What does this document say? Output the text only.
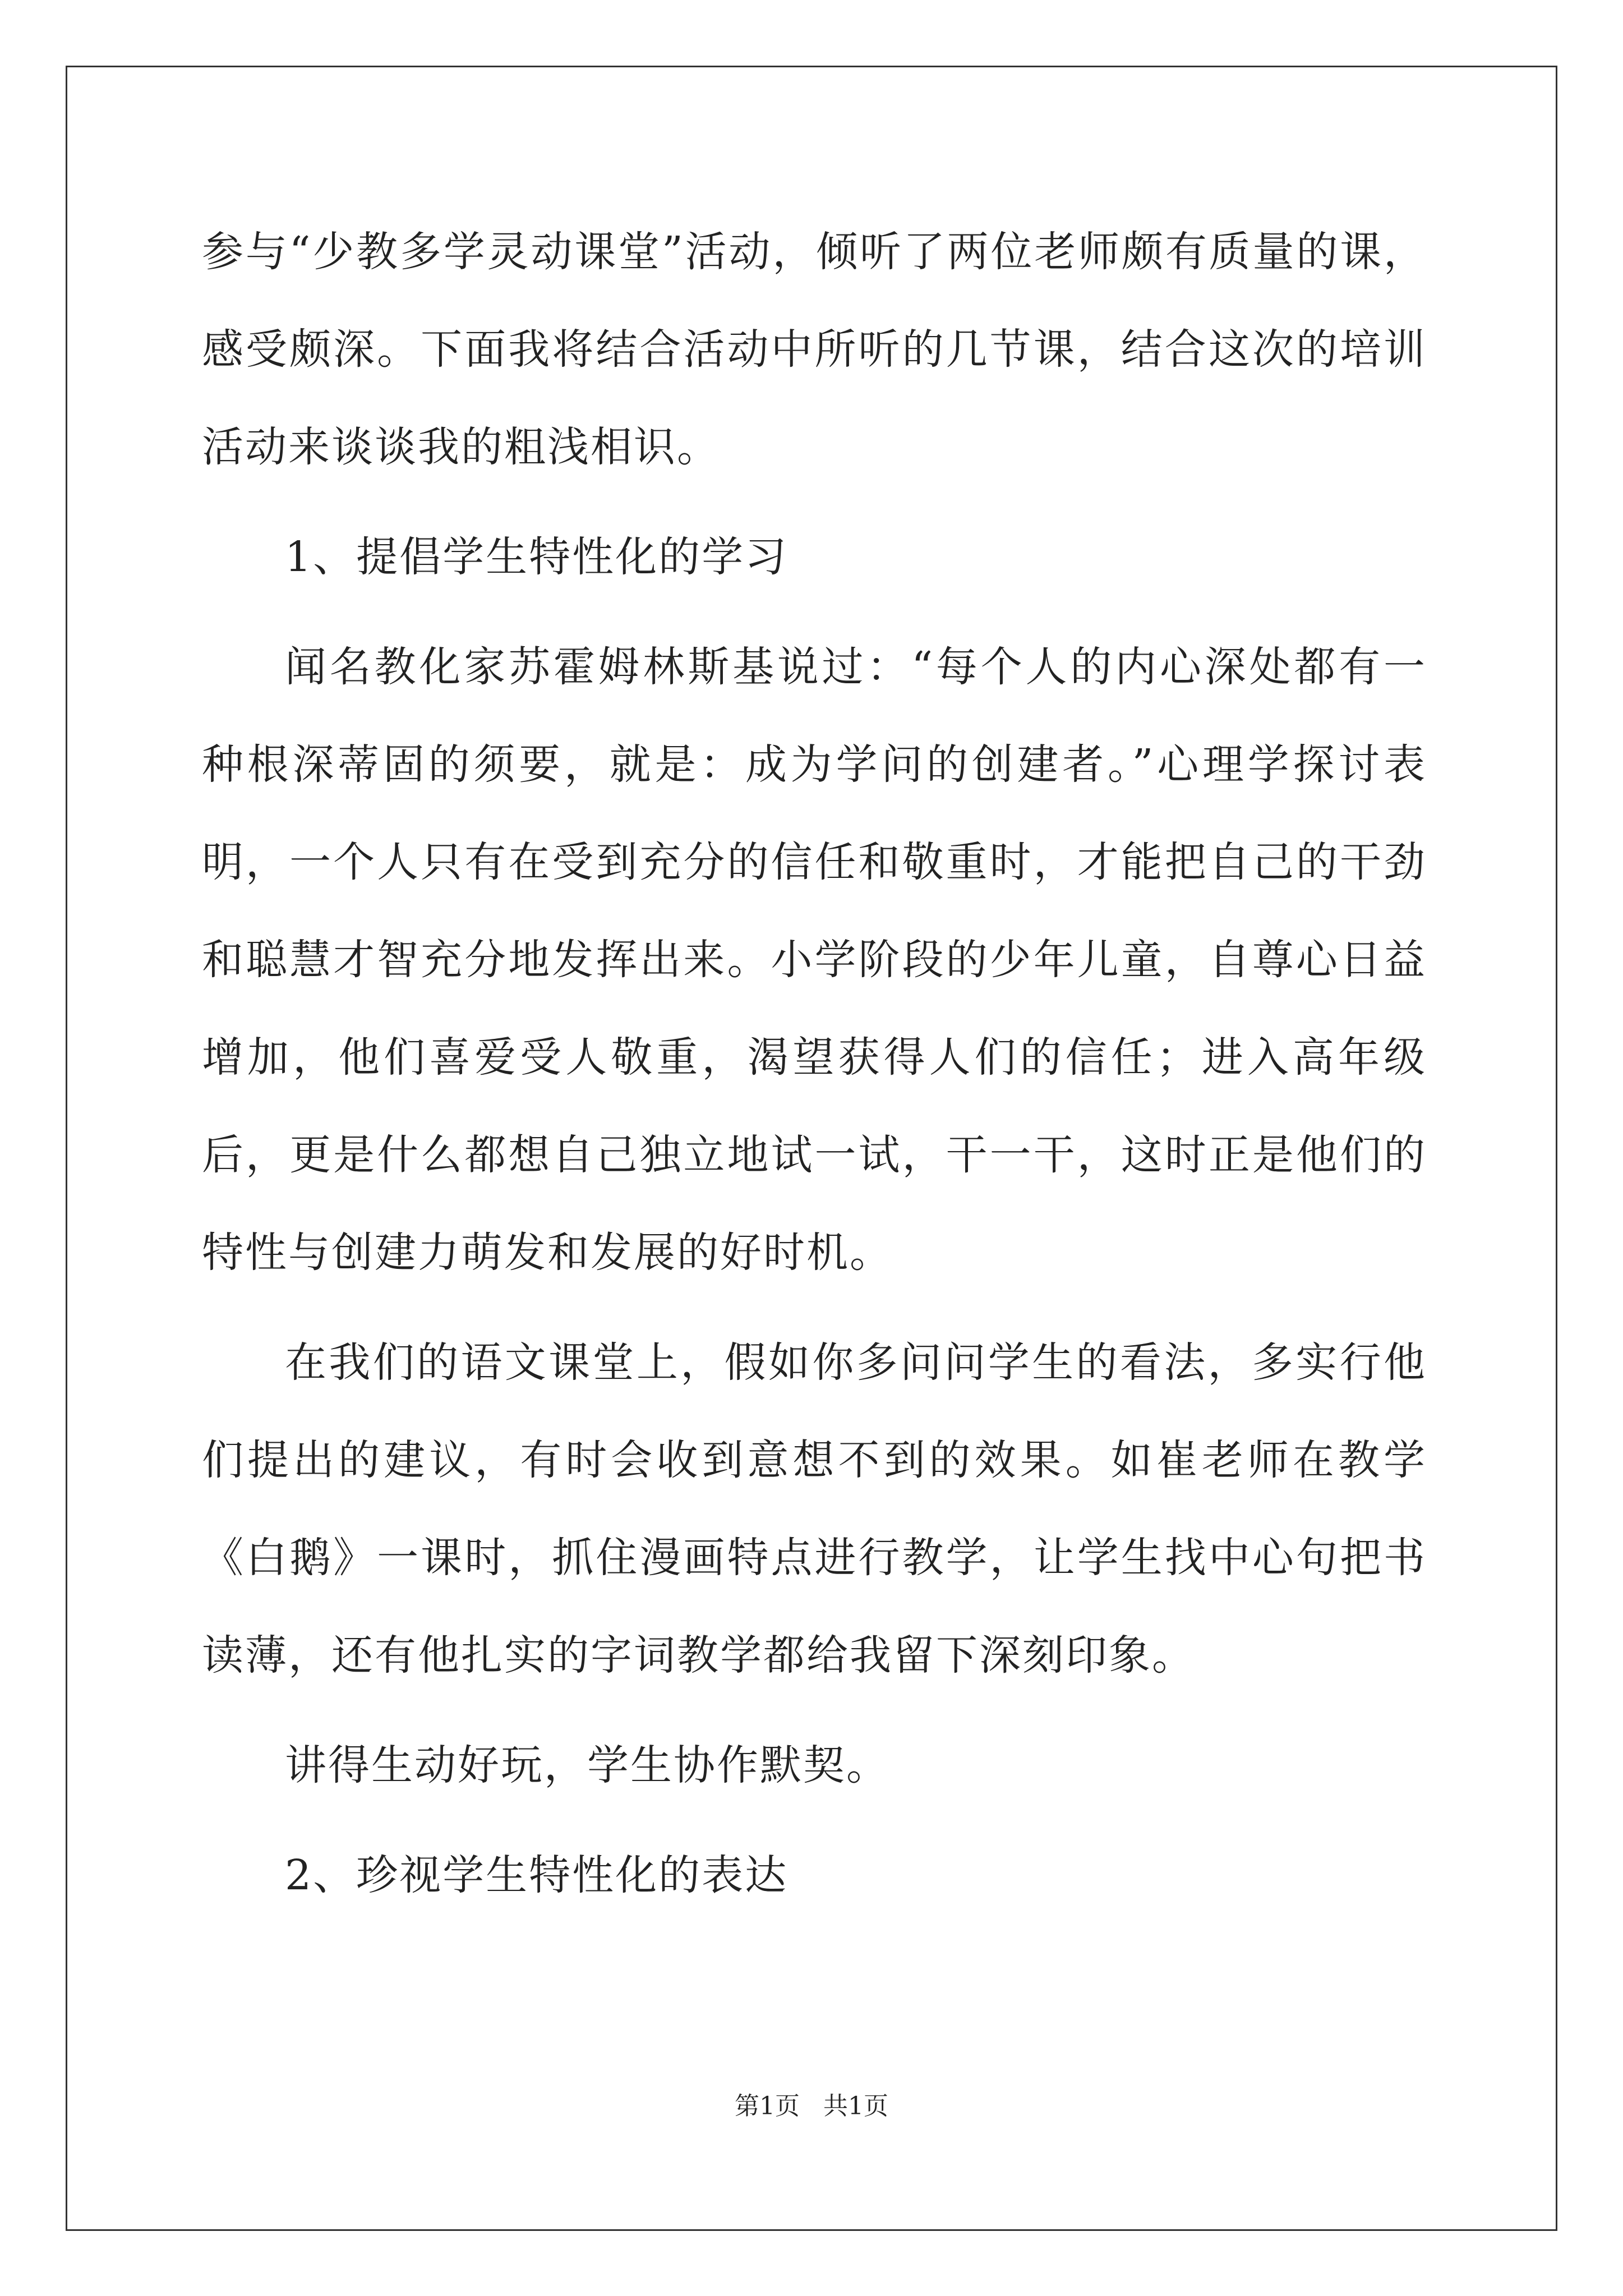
参与“少教多学灵动课堂”活动，倾听了两位老师颇有质量的课，感受颇深。下面我将结合活动中所听的几节课，结合这次的培训活动来谈谈我的粗浅相识。

1、提倡学生特性化的学习

闻名教化家苏霍姆林斯基说过：“每个人的内心深处都有一种根深蒂固的须要，就是：成为学问的创建者。”心理学探讨表明，一个人只有在受到充分的信任和敬重时，才能把自己的干劲和聪慧才智充分地发挥出来。小学阶段的少年儿童，自尊心日益增加，他们喜爱受人敬重，渴望获得人们的信任；进入高年级后，更是什么都想自己独立地试一试，干一干，这时正是他们的特性与创建力萌发和发展的好时机。

在我们的语文课堂上，假如你多问问学生的看法，多实行他们提出的建议，有时会收到意想不到的效果。如崔老师在教学《白鹅》一课时，抓住漫画特点进行教学，让学生找中心句把书读薄，还有他扎实的字词教学都给我留下深刻印象。

讲得生动好玩，学生协作默契。

2、珍视学生特性化的表达

第1页   共1页
